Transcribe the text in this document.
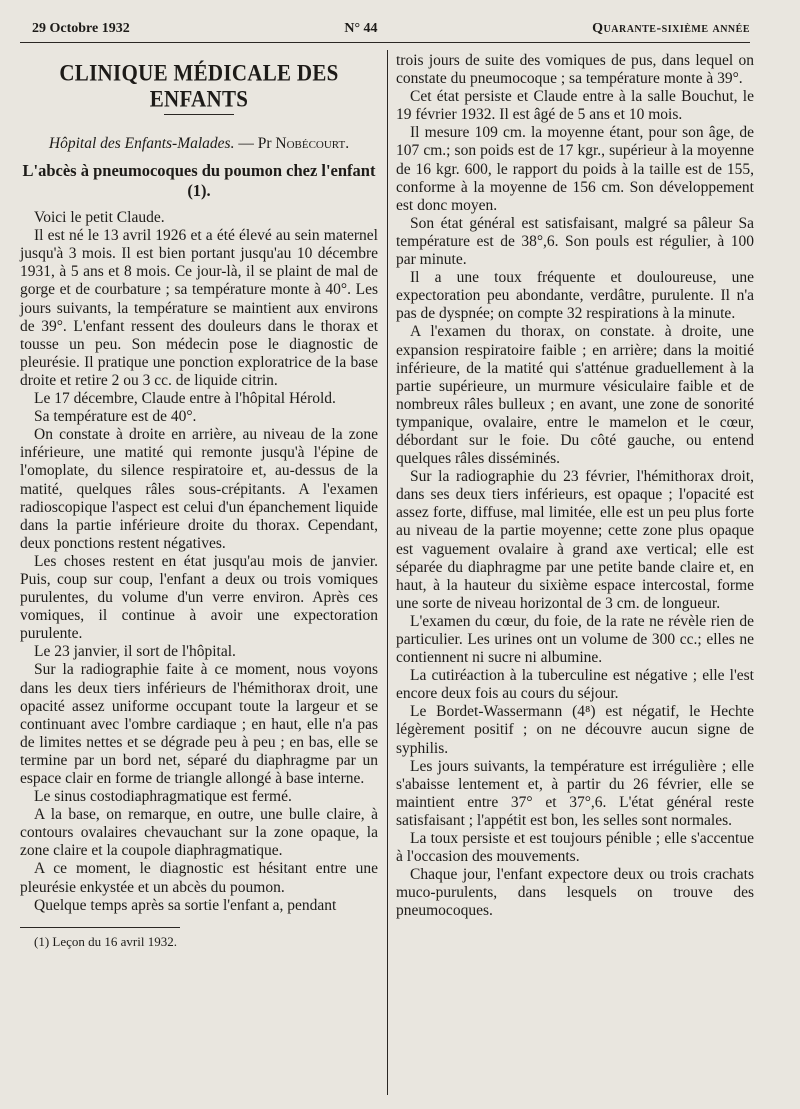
29 Octobre 1932	N° 44	Quarante-sixième année
CLINIQUE MÉDICALE DES ENFANTS
Hôpital des Enfants-Malades. — Pr Nobécourt.
L'abcès à pneumocoques du poumon chez l'enfant (1).

Voici le petit Claude.

Il est né le 13 avril 1926 et a été élevé au sein maternel jusqu'à 3 mois. Il est bien portant jusqu'au 10 décembre 1931, à 5 ans et 8 mois. Ce jour-là, il se plaint de mal de gorge et de courbature ; sa température monte à 40°. Les jours suivants, la température se maintient aux environs de 39°. L'enfant ressent des douleurs dans le thorax et tousse un peu. Son médecin pose le diagnostic de pleurésie. Il pratique une ponction exploratrice de la base droite et retire 2 ou 3 cc. de liquide citrin.

Le 17 décembre, Claude entre à l'hôpital Hérold.

Sa température est de 40°.

On constate à droite en arrière, au niveau de la zone inférieure, une matité qui remonte jusqu'à l'épine de l'omoplate, du silence respiratoire et, au-dessus de la matité, quelques râles sous-crépitants. A l'examen radioscopique l'aspect est celui d'un épanchement liquide dans la partie inférieure droite du thorax. Cependant, deux ponctions restent négatives.

Les choses restent en état jusqu'au mois de janvier. Puis, coup sur coup, l'enfant a deux ou trois vomiques purulentes, du volume d'un verre environ. Après ces vomiques, il continue à avoir une expectoration purulente.

Le 23 janvier, il sort de l'hôpital.

Sur la radiographie faite à ce moment, nous voyons dans les deux tiers inférieurs de l'hémithorax droit, une opacité assez uniforme occupant toute la largeur et se continuant avec l'ombre cardiaque ; en haut, elle n'a pas de limites nettes et se dégrade peu à peu ; en bas, elle se termine par un bord net, séparé du diaphragme par un espace clair en forme de triangle allongé à base interne.

Le sinus costodiaphragmatique est fermé.

A la base, on remarque, en outre, une bulle claire, à contours ovalaires chevauchant sur la zone opaque, la zone claire et la coupole diaphragmatique.

A ce moment, le diagnostic est hésitant entre une pleurésie enkystée et un abcès du poumon.

Quelque temps après sa sortie l'enfant a, pendant

(1) Leçon du 16 avril 1932.

trois jours de suite des vomiques de pus, dans lequel on constate du pneumocoque ; sa température monte à 39°.

Cet état persiste et Claude entre à la salle Bouchut, le 19 février 1932. Il est âgé de 5 ans et 10 mois.

Il mesure 109 cm. la moyenne étant, pour son âge, de 107 cm.; son poids est de 17 kgr., supérieur à la moyenne de 16 kgr. 600, le rapport du poids à la taille est de 155, conforme à la moyenne de 156 cm. Son développement est donc moyen.

Son état général est satisfaisant, malgré sa pâleur Sa température est de 38°,6. Son pouls est régulier, à 100 par minute.

Il a une toux fréquente et douloureuse, une expectoration peu abondante, verdâtre, purulente. Il n'a pas de dyspnée; on compte 32 respirations à la minute.

A l'examen du thorax, on constate. à droite, une expansion respiratoire faible ; en arrière; dans la moitié inférieure, de la matité qui s'atténue graduellement à la partie supérieure, un murmure vésiculaire faible et de nombreux râles bulleux ; en avant, une zone de sonorité tympanique, ovalaire, entre le mamelon et le cœur, débordant sur le foie. Du côté gauche, ou entend quelques râles disséminés.

Sur la radiographie du 23 février, l'hémithorax droit, dans ses deux tiers inférieurs, est opaque ; l'opacité est assez forte, diffuse, mal limitée, elle est un peu plus forte au niveau de la partie moyenne; cette zone plus opaque est vaguement ovalaire à grand axe vertical; elle est séparée du diaphragme par une petite bande claire et, en haut, à la hauteur du sixième espace intercostal, forme une sorte de niveau horizontal de 3 cm. de longueur.

L'examen du cœur, du foie, de la rate ne révèle rien de particulier. Les urines ont un volume de 300 cc.; elles ne contiennent ni sucre ni albumine.

La cutiréaction à la tuberculine est négative ; elle l'est encore deux fois au cours du séjour.

Le Bordet-Wassermann (4⁸) est négatif, le Hechte légèrement positif ; on ne découvre aucun signe de syphilis.

Les jours suivants, la température est irrégulière ; elle s'abaisse lentement et, à partir du 26 février, elle se maintient entre 37° et 37°,6. L'état général reste satisfaisant ; l'appétit est bon, les selles sont normales.

La toux persiste et est toujours pénible ; elle s'accentue à l'occasion des mouvements.

Chaque jour, l'enfant expectore deux ou trois crachats muco-purulents, dans lesquels on trouve des pneumocoques.
